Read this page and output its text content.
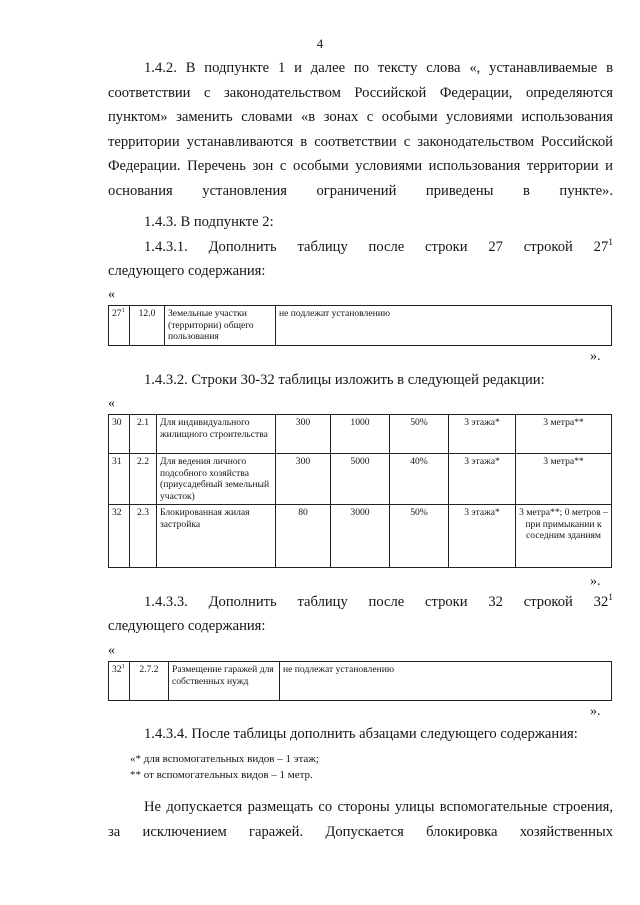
4

1.4.2. В подпункте 1 и далее по тексту слова «, устанавливаемые в соответствии с законодательством Российской Федерации, определяются пунктом» заменить словами «в зонах с особыми условиями использования территории устанавливаются в соответствии с законодательством Российской Федерации. Перечень зон с особыми условиями использования территории и основания установления ограничений приведены в пункте».

1.4.3. В подпункте 2:

1.4.3.1. Дополнить таблицу после строки 27 строкой $27^1$

следующего содержания:

«
$27^1$	12.0	Земельные участки (территории) общего пользования	не подлежат установлению
».

1.4.3.2. Строки 30-32 таблицы изложить в следующей редакции:

«
30	2.1	Для индивидуального жилищного строительства	300	1000	50%	3 этажа*	3 метра**
31	2.2	Для ведения личного подсобного хозяйства (приусадебный земельный участок)	300	5000	40%	3 этажа*	3 метра**
32	2.3	Блокированная жилая застройка	80	3000	50%	3 этажа*	3 метра**; 0 метров – при примыкании к соседним зданиям
».

1.4.3.3. Дополнить таблицу после строки 32 строкой $32^1$

следующего содержания:

«
$32^1$	2.7.2	Размещение гаражей для собственных нужд	не подлежат установлению
».

1.4.3.4. После таблицы дополнить абзацами следующего содержания:

«* для вспомогательных видов – 1 этаж;
** от вспомогательных видов – 1 метр.

Не допускается размещать со стороны улицы вспомогательные строения, за исключением гаражей. Допускается блокировка хозяйственных
